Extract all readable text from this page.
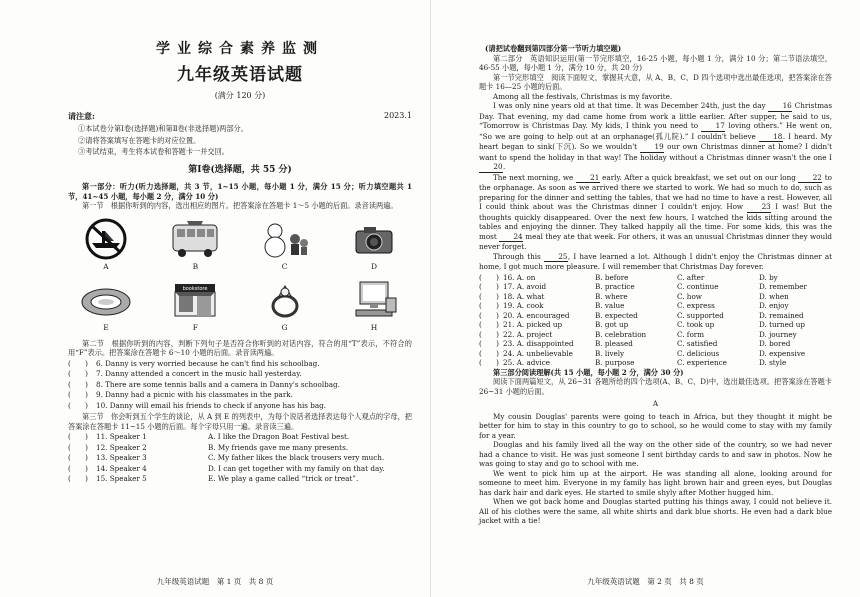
学业综合素养监测
九年级英语试题
(满分 120 分)
请注意:	2023.1
①本试卷分第Ⅰ卷(选择题)和第Ⅱ卷(非选择题)两部分。
②请将答案填写在答题卡的对应位置。
③考试结束，考生将本试卷和答题卡一并交回。
第Ⅰ卷(选择题，共 55 分)
第一部分：听力(听力选择题，共 3 节，1~15 小题，每小题 1 分，满分 15 分；听力填空题共 1 节，41~45 小题，每小题 2 分，满分 10 分)
第一节　根据你听到的内容，选出相应的图片。把答案涂在答题卡 1～5 小题的后面。录音读两遍。
A	B	C	D
E
bookstore
F	G	H
第二节　根据你听到的内容，判断下列句子是否符合你听到的对话内容，符合的用“T”表示，不符合的用“F”表示。把答案涂在答题卡 6～10 小题的后面。录音读两遍。
(　　)	6. Danny is very worried because he can't find his schoolbag.
(　　)	7. Danny attended a concert in the music hall yesterday.
(　　)	8. There are some tennis balls and a camera in Danny's schoolbag.
(　　)	9. Danny had a picnic with his classmates in the park.
(　　)	10. Danny will email his friends to check if anyone has his bag.
第三节　你会听到五个学生的谈论，从 A 到 E 的列表中，为每个说话者选择表达每个人观点的字母，把答案涂在答题卡 11~15 小题的后面。每个字母只用一遍。录音读三遍。
(　　)	11. Speaker 1	A. I like the Dragon Boat Festival best.
(　　)	12. Speaker 2	B. My friends gave me many presents.
(　　)	13. Speaker 3	C. My father likes the black trousers very much.
(　　)	14. Speaker 4	D. I can get together with my family on that day.
(　　)	15. Speaker 5	E. We play a game called “trick or treat”.
九年级英语试题　第 1 页　共 8 页
(请把试卷翻到第四部分第一节听力填空题)
第二部分　英语知识运用(第一节完形填空，16-25 小题，每小题 1 分，满分 10 分；第二节语法填空，46-55 小题，每小题 1 分，满分 10 分，共 20 分)
第一节完形填空　阅读下面短文，掌握其大意，从 A、B、C、D 四个选项中选出最佳选项，把答案涂在答题卡 16—25 小题的后面。
Among all the festivals, Christmas is my favorite.
I was only nine years old at that time. It was December 24th, just the day 16 Christmas Day. That evening, my dad came home from work a little earlier. After supper, he said to us, “Tomorrow is Christmas Day. My kids, I think you need to 17 loving others.” He went on, “So we are going to help out at an orphanage(孤儿院).” I couldn't believe 18. I heard. My heart began to sink(下沉). So we wouldn't 19 our own Christmas dinner at home? I didn't want to spend the holiday in that way! The holiday without a Christmas dinner wasn't the one I 20.
The next morning, we 21 early. After a quick breakfast, we set out on our long 22 to the orphanage. As soon as we arrived there we started to work. We had so much to do, such as preparing for the dinner and setting the tables, that we had no time to have a rest. However, all I could think about was the Christmas dinner I couldn't enjoy. How 23 I was! But the thoughts quickly disappeared. Over the next few hours, I watched the kids sitting around the tables and enjoying the dinner. They talked happily all the time. For some kids, this was the most 24 meal they ate that week. For others, it was an unusual Christmas dinner they would never forget.
Through this 25, I have learned a lot. Although I didn't enjoy the Christmas dinner at home, I got much more pleasure. I will remember that Christmas Day forever.
(　　) 16. A. on	B. before	C. after	D. by
(　　) 17. A. avoid	B. practice	C. continue	D. remember
(　　) 18. A. what	B. where	C. how	D. when
(　　) 19. A. cook	B. value	C. express	D. enjoy
(　　) 20. A. encouraged	B. expected	C. supported	D. remained
(　　) 21. A. picked up	B. got up	C. took up	D. turned up
(　　) 22. A. project	B. celebration	C. form	D. journey
(　　) 23. A. disappointed	B. pleased	C. satisfied	D. bored
(　　) 24. A. unbelievable	B. lively	C. delicious	D. expensive
(　　) 25. A. advice	B. purpose	C. experience	D. style
第三部分阅读理解(共 15 小题，每小题 2 分，满分 30 分)
阅读下面两篇短文，从 26~31 各题所给的四个选项(A、B、C、D)中，选出最佳选项。把答案涂在答题卡 26~31 小题的后面。
A
My cousin Douglas' parents were going to teach in Africa, but they thought it might be better for him to stay in this country to go to school, so he would come to stay with my family for a year.
Douglas and his family lived all the way on the other side of the country, so we had never had a chance to visit. He was just someone I sent birthday cards to and saw in photos. Now he was going to stay and go to school with me.
We went to pick him up at the airport. He was standing all alone, looking around for someone to meet him. Everyone in my family has light brown hair and green eyes, but Douglas has dark hair and dark eyes. He started to smile shyly after Mother hugged him.
When we got back home and Douglas started putting his things away, I could not believe it. All of his clothes were the same, all white shirts and dark blue shorts. He even had a dark blue jacket with a tie!
九年级英语试题　第 2 页　共 8 页
